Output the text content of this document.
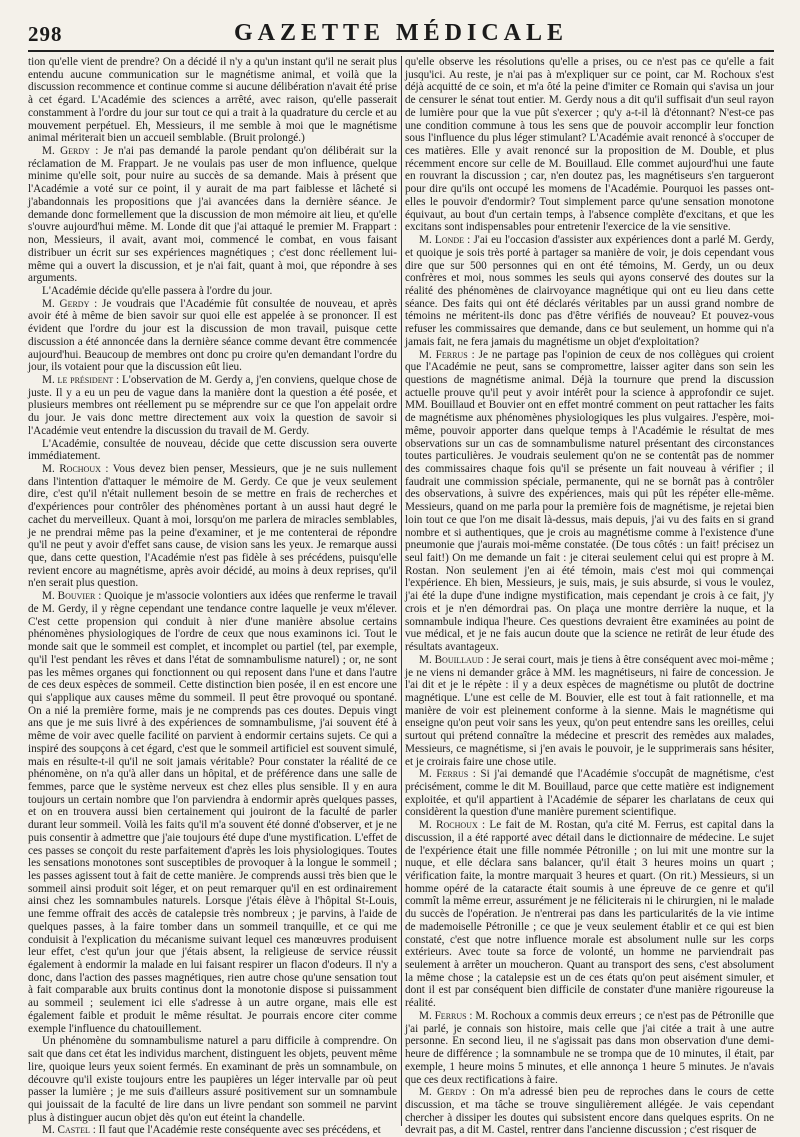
298	GAZETTE MÉDICALE

tion qu'elle vient de prendre? On a décidé il n'y a qu'un instant qu'il ne serait plus entendu aucune communication sur le magnétisme animal, et voilà que la discussion recommence et continue comme si aucune délibération n'avait été prise à cet égard. L'Académie des sciences a arrêté, avec raison, qu'elle passerait constamment à l'ordre du jour sur tout ce qui a trait à la quadrature du cercle et au mouvement perpétuel. Eh, Messieurs, il me semble à moi que le magnétisme animal mériterait bien un accueil semblable. (Bruit prolongé.)

M. Gerdy : Je n'ai pas demandé la parole pendant qu'on délibérait sur la réclamation de M. Frappart. Je ne voulais pas user de mon influence, quelque minime qu'elle soit, pour nuire au succès de sa demande. Mais à présent que l'Académie a voté sur ce point, il y aurait de ma part faiblesse et lâcheté si j'abandonnais les propositions que j'ai avancées dans la dernière séance. Je demande donc formellement que la discussion de mon mémoire ait lieu, et qu'elle s'ouvre aujourd'hui même. M. Londe dit que j'ai attaqué le premier M. Frappart : non, Messieurs, il avait, avant moi, commencé le combat, en vous faisant distribuer un écrit sur ses expériences magnétiques ; c'est donc réellement lui-même qui a ouvert la discussion, et je n'ai fait, quant à moi, que répondre à ses arguments.

L'Académie décide qu'elle passera à l'ordre du jour.

M. Gerdy : Je voudrais que l'Académie fût consultée de nouveau, et après avoir été à même de bien savoir sur quoi elle est appelée à se prononcer. Il est évident que l'ordre du jour est la discussion de mon travail, puisque cette discussion a été annoncée dans la dernière séance comme devant être commencée aujourd'hui. Beaucoup de membres ont donc pu croire qu'en demandant l'ordre du jour, ils votaient pour que la discussion eût lieu.

M. le président : L'observation de M. Gerdy a, j'en conviens, quelque chose de juste. Il y a eu un peu de vague dans la manière dont la question a été posée, et plusieurs membres ont réellement pu se méprendre sur ce que l'on appelait ordre du jour. Je vais donc mettre directement aux voix la question de savoir si l'Académie veut entendre la discussion du travail de M. Gerdy.

L'Académie, consultée de nouveau, décide que cette discussion sera ouverte immédiatement.

M. Rochoux : Vous devez bien penser, Messieurs, que je ne suis nullement dans l'intention d'attaquer le mémoire de M. Gerdy. Ce que je veux seulement dire, c'est qu'il n'était nullement besoin de se mettre en frais de recherches et d'expériences pour contrôler des phénomènes portant à un aussi haut degré le cachet du merveilleux. Quant à moi, lorsqu'on me parlera de miracles semblables, je ne prendrai même pas la peine d'examiner, et je me contenterai de répondre qu'il ne peut y avoir d'effet sans cause, de vision sans les yeux. Je remarque aussi que, dans cette question, l'Académie n'est pas fidèle à ses précédens, puisqu'elle revient encore au magnétisme, après avoir décidé, au moins à deux reprises, qu'il n'en serait plus question.

M. Bouvier : Quoique je m'associe volontiers aux idées que renferme le travail de M. Gerdy, il y règne cependant une tendance contre laquelle je veux m'élever. C'est cette propension qui conduit à nier d'une manière absolue certains phénomènes physiologiques de l'ordre de ceux que nous examinons ici. Tout le monde sait que le sommeil est complet, et incomplet ou partiel (tel, par exemple, qu'il l'est pendant les rêves et dans l'état de somnambulisme naturel) ; or, ne sont pas les mêmes organes qui fonctionnent ou qui reposent dans l'une et dans l'autre de ces deux espèces de sommeil. Cette distinction bien posée, il en est encore une qui s'applique aux causes même du sommeil. Il peut être provoqué ou spontané. On a nié la première forme, mais je ne comprends pas ces doutes. Depuis vingt ans que je me suis livré à des expériences de somnambulisme, j'ai souvent été à même de voir avec quelle facilité on parvient à endormir certains sujets. Ce qui a inspiré des soupçons à cet égard, c'est que le sommeil artificiel est souvent simulé, mais en résulte-t-il qu'il ne soit jamais véritable? Pour constater la réalité de ce phénomène, on n'a qu'à aller dans un hôpital, et de préférence dans une salle de femmes, parce que le système nerveux est chez elles plus sensible. Il y en aura toujours un certain nombre que l'on parviendra à endormir après quelques passes, et on en trouvera aussi bien certainement qui jouiront de la faculté de parler durant leur sommeil. Voilà les faits qu'il m'a souvent été donné d'observer, et je ne puis consentir à admettre que j'aie toujours été dupe d'une mystification. L'effet de ces passes se conçoit du reste parfaitement d'après les lois physiologiques. Toutes les sensations monotones sont susceptibles de provoquer à la longue le sommeil ; les passes agissent tout à fait de cette manière. Je comprends aussi très bien que le sommeil ainsi produit soit léger, et on peut remarquer qu'il en est ordinairement ainsi chez les somnambules naturels. Lorsque j'étais élève à l'hôpital St-Louis, une femme offrait des accès de catalepsie très nombreux ; je parvins, à l'aide de quelques passes, à la faire tomber dans un sommeil tranquille, et ce qui me conduisit à l'explication du mécanisme suivant lequel ces manœuvres produisent leur effet, c'est qu'un jour que j'étais absent, la religieuse de service réussit également à endormir la malade en lui faisant respirer un flacon d'odeurs. Il n'y a donc, dans l'action des passes magnétiques, rien autre chose qu'une sensation tout à fait comparable aux bruits continus dont la monotonie dispose si puissamment au sommeil ; seulement ici elle s'adresse à un autre organe, mais elle est également faible et produit le même résultat. Je pourrais encore citer comme exemple l'influence du chatouillement.

Un phénomène du somnambulisme naturel a paru difficile à comprendre. On sait que dans cet état les individus marchent, distinguent les objets, peuvent même lire, quoique leurs yeux soient fermés. En examinant de près un somnambule, on découvre qu'il existe toujours entre les paupières un léger intervalle par où peut passer la lumière ; je me suis d'ailleurs assuré positivement sur un somnambule qui jouissait de la faculté de lire dans un livre pendant son sommeil ne parvint plus à distinguer aucun objet dès qu'on eut éteint la chandelle.

M. Castel : Il faut que l'Académie reste conséquente avec ses précédens, et

qu'elle observe les résolutions qu'elle a prises, ou ce n'est pas ce qu'elle a fait jusqu'ici. Au reste, je n'ai pas à m'expliquer sur ce point, car M. Rochoux s'est déjà acquitté de ce soin, et m'a ôté la peine d'imiter ce Romain qui s'avisa un jour de censurer le sénat tout entier. M. Gerdy nous a dit qu'il suffisait d'un seul rayon de lumière pour que la vue pût s'exercer ; qu'y a-t-il là d'étonnant? N'est-ce pas une condition commune à tous les sens que de pouvoir accomplir leur fonction sous l'influence du plus léger stimulant? L'Académie avait renoncé à s'occuper de ces matières. Elle y avait renoncé sur la proposition de M. Double, et plus récemment encore sur celle de M. Bouillaud. Elle commet aujourd'hui une faute en rouvrant la discussion ; car, n'en doutez pas, les magnétiseurs s'en targueront pour dire qu'ils ont occupé les momens de l'Académie. Pourquoi les passes ont-elles le pouvoir d'endormir? Tout simplement parce qu'une sensation monotone équivaut, au bout d'un certain temps, à l'absence complète d'excitans, et que les excitans sont indispensables pour entretenir l'exercice de la vie sensitive.

M. Londe : J'ai eu l'occasion d'assister aux expériences dont a parlé M. Gerdy, et quoique je sois très porté à partager sa manière de voir, je dois cependant vous dire que sur 500 personnes qui en ont été témoins, M. Gerdy, un ou deux confrères et moi, nous sommes les seuls qui ayons conservé des doutes sur la réalité des phénomènes de clairvoyance magnétique qui ont eu lieu dans cette séance. Des faits qui ont été déclarés véritables par un aussi grand nombre de témoins ne méritent-ils donc pas d'être vérifiés de nouveau? Et pouvez-vous refuser les commissaires que demande, dans ce but seulement, un homme qui n'a jamais fait, ne fera jamais du magnétisme un objet d'exploitation?

M. Ferrus : Je ne partage pas l'opinion de ceux de nos collègues qui croient que l'Académie ne peut, sans se compromettre, laisser agiter dans son sein les questions de magnétisme animal. Déjà la tournure que prend la discussion actuelle prouve qu'il peut y avoir intérêt pour la science à approfondir ce sujet. MM. Bouillaud et Bouvier ont en effet montré comment on peut rattacher les faits de magnétisme aux phénomènes physiologiques les plus vulgaires. J'espère, moi-même, pouvoir apporter dans quelque temps à l'Académie le résultat de mes observations sur un cas de somnambulisme naturel présentant des circonstances toutes particulières. Je voudrais seulement qu'on ne se contentât pas de nommer des commissaires chaque fois qu'il se présente un fait nouveau à vérifier ; il faudrait une commission spéciale, permanente, qui ne se bornât pas à contrôler des observations, à suivre des expériences, mais qui pût les répéter elle-même. Messieurs, quand on me parla pour la première fois de magnétisme, je rejetai bien loin tout ce que l'on me disait là-dessus, mais depuis, j'ai vu des faits en si grand nombre et si authentiques, que je crois au magnétisme comme à l'existence d'une pneumonie que j'aurais moi-même constatée. (De tous côtés : un fait! précisez un seul fait!) On me demande un fait : je citerai seulement celui qui est propre à M. Rostan. Non seulement j'en ai été témoin, mais c'est moi qui commençai l'expérience. Eh bien, Messieurs, je suis, mais, je suis absurde, si vous le voulez, j'ai été la dupe d'une indigne mystification, mais cependant je crois à ce fait, j'y crois et je n'en démordrai pas. On plaça une montre derrière la nuque, et la somnambule indiqua l'heure. Ces questions devraient être examinées au point de vue médical, et je ne fais aucun doute que la science ne retirât de leur étude des résultats avantageux.

M. Bouillaud : Je serai court, mais je tiens à être conséquent avec moi-même ; je ne viens ni demander grâce à MM. les magnétiseurs, ni faire de concession. Je l'ai dit et je le répète : il y a deux espèces de magnétisme ou plutôt de doctrine magnétique. L'une est celle de M. Bouvier, elle est tout à fait rationnelle, et ma manière de voir est pleinement conforme à la sienne. Mais le magnétisme qui enseigne qu'on peut voir sans les yeux, qu'on peut entendre sans les oreilles, celui surtout qui prétend connaître la médecine et prescrit des remèdes aux malades, Messieurs, ce magnétisme, si j'en avais le pouvoir, je le supprimerais sans hésiter, et je croirais faire une chose utile.

M. Ferrus : Si j'ai demandé que l'Académie s'occupât de magnétisme, c'est précisément, comme le dit M. Bouillaud, parce que cette matière est indignement exploitée, et qu'il appartient à l'Académie de séparer les charlatans de ceux qui considèrent la question d'une manière purement scientifique.

M. Rochoux : Le fait de M. Rostan, qu'a cité M. Ferrus, est capital dans la discussion, il a été rapporté avec détail dans le dictionnaire de médecine. Le sujet de l'expérience était une fille nommée Pétronille ; on lui mit une montre sur la nuque, et elle déclara sans balancer, qu'il était 3 heures moins un quart ; vérification faite, la montre marquait 3 heures et quart. (On rit.) Messieurs, si un homme opéré de la cataracte était soumis à une épreuve de ce genre et qu'il commît la même erreur, assurément je ne féliciterais ni le chirurgien, ni le malade du succès de l'opération. Je n'entrerai pas dans les particularités de la vie intime de mademoiselle Pétronille ; ce que je veux seulement établir et ce qui est bien constaté, c'est que notre influence morale est absolument nulle sur les corps extérieurs. Avec toute sa force de volonté, un homme ne parviendrait pas seulement à arrêter un moucheron. Quant au transport des sens, c'est absolument la même chose ; la catalepsie est un de ces états qu'on peut aisément simuler, et dont il est par conséquent bien difficile de constater d'une manière rigoureuse la réalité.

M. Ferrus : M. Rochoux a commis deux erreurs ; ce n'est pas de Pétronille que j'ai parlé, je connais son histoire, mais celle que j'ai citée a trait à une autre personne. En second lieu, il ne s'agissait pas dans mon observation d'une demi-heure de différence ; la somnambule ne se trompa que de 10 minutes, il était, par exemple, 1 heure moins 5 minutes, et elle annonça 1 heure 5 minutes. Je n'avais que ces deux rectifications à faire.

M. Gerdy : On m'a adressé bien peu de reproches dans le cours de cette discussion, et ma tâche se trouve singulièrement allégée. Je vais cependant chercher à dissiper les doutes qui subsistent encore dans quelques esprits. On ne devrait pas, a dit M. Castel, rentrer dans l'ancienne discussion ; c'est risquer de
